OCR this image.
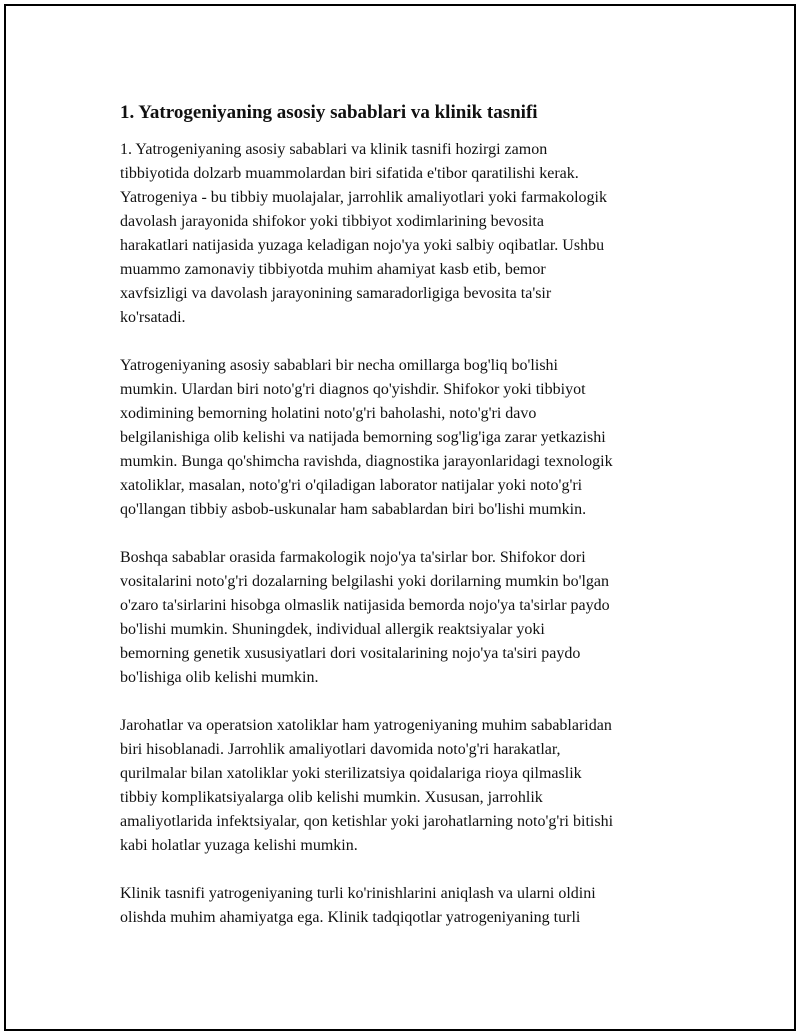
1. Yatrogeniyaning asosiy sabablari va klinik tasnifi

1. Yatrogeniyaning asosiy sabablari va klinik tasnifi hozirgi zamon
tibbiyotida dolzarb muammolardan biri sifatida e'tibor qaratilishi kerak.
Yatrogeniya - bu tibbiy muolajalar, jarrohlik amaliyotlari yoki farmakologik
davolash jarayonida shifokor yoki tibbiyot xodimlarining bevosita
harakatlari natijasida yuzaga keladigan nojo'ya yoki salbiy oqibatlar. Ushbu
muammo zamonaviy tibbiyotda muhim ahamiyat kasb etib, bemor
xavfsizligi va davolash jarayonining samaradorligiga bevosita ta'sir
ko'rsatadi.

Yatrogeniyaning asosiy sabablari bir necha omillarga bog'liq bo'lishi
mumkin. Ulardan biri noto'g'ri diagnos qo'yishdir. Shifokor yoki tibbiyot
xodimining bemorning holatini noto'g'ri baholashi, noto'g'ri davo
belgilanishiga olib kelishi va natijada bemorning sog'lig'iga zarar yetkazishi
mumkin. Bunga qo'shimcha ravishda, diagnostika jarayonlaridagi texnologik
xatoliklar, masalan, noto'g'ri o'qiladigan laborator natijalar yoki noto'g'ri
qo'llangan tibbiy asbob-uskunalar ham sabablardan biri bo'lishi mumkin.

Boshqa sabablar orasida farmakologik nojo'ya ta'sirlar bor. Shifokor dori
vositalarini noto'g'ri dozalarning belgilashi yoki dorilarning mumkin bo'lgan
o'zaro ta'sirlarini hisobga olmaslik natijasida bemorda nojo'ya ta'sirlar paydo
bo'lishi mumkin. Shuningdek, individual allergik reaktsiyalar yoki
bemorning genetik xususiyatlari dori vositalarining nojo'ya ta'siri paydo
bo'lishiga olib kelishi mumkin.

Jarohatlar va operatsion xatoliklar ham yatrogeniyaning muhim sabablaridan
biri hisoblanadi. Jarrohlik amaliyotlari davomida noto'g'ri harakatlar,
qurilmalar bilan xatoliklar yoki sterilizatsiya qoidalariga rioya qilmaslik
tibbiy komplikatsiyalarga olib kelishi mumkin. Xususan, jarrohlik
amaliyotlarida infektsiyalar, qon ketishlar yoki jarohatlarning noto'g'ri bitishi
kabi holatlar yuzaga kelishi mumkin.

Klinik tasnifi yatrogeniyaning turli ko'rinishlarini aniqlash va ularni oldini
olishda muhim ahamiyatga ega. Klinik tadqiqotlar yatrogeniyaning turli
